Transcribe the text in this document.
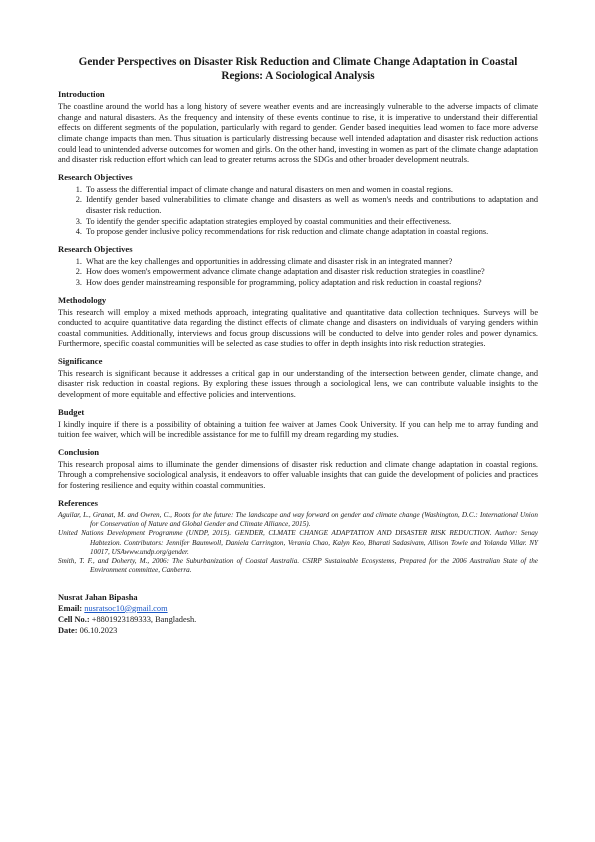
Gender Perspectives on Disaster Risk Reduction and Climate Change Adaptation in Coastal Regions: A Sociological Analysis
Introduction

The coastline around the world has a long history of severe weather events and are increasingly vulnerable to the adverse impacts of climate change and natural disasters. As the frequency and intensity of these events continue to rise, it is imperative to understand their differential effects on different segments of the population, particularly with regard to gender. Gender based inequities lead women to face more adverse climate change impacts than men. Thus situation is particularly distressing because well intended adaptation and disaster risk reduction actions could lead to unintended adverse outcomes for women and girls. On the other hand, investing in women as part of the climate change adaptation and disaster risk reduction effort which can lead to greater returns across the SDGs and other broader development neutrals.

Research Objectives
1. To assess the differential impact of climate change and natural disasters on men and women in coastal regions.
2. Identify gender based vulnerabilities to climate change and disasters as well as women's needs and contributions to adaptation and disaster risk reduction.
3. To identify the gender specific adaptation strategies employed by coastal communities and their effectiveness.
4. To propose gender inclusive policy recommendations for risk reduction and climate change adaptation in coastal regions.
Research Objectives
1. What are the key challenges and opportunities in addressing climate and disaster risk in an integrated manner?
2. How does women's empowerment advance climate change adaptation and disaster risk reduction strategies in coastline?
3. How does gender mainstreaming responsible for programming, policy adaptation and risk reduction in coastal regions?
Methodology

This research will employ a mixed methods approach, integrating qualitative and quantitative data collection techniques. Surveys will be conducted to acquire quantitative data regarding the distinct effects of climate change and disasters on individuals of varying genders within coastal communities. Additionally, interviews and focus group discussions will be conducted to delve into gender roles and power dynamics. Furthermore, specific coastal communities will be selected as case studies to offer in depth insights into risk reduction strategies.

Significance

This research is significant because it addresses a critical gap in our understanding of the intersection between gender, climate change, and disaster risk reduction in coastal regions. By exploring these issues through a sociological lens, we can contribute valuable insights to the development of more equitable and effective policies and interventions.

Budget

I kindly inquire if there is a possibility of obtaining a tuition fee waiver at James Cook University. If you can help me to array funding and tuition fee waiver, which will be incredible assistance for me to fulfill my dream regarding my studies.

Conclusion

This research proposal aims to illuminate the gender dimensions of disaster risk reduction and climate change adaptation in coastal regions. Through a comprehensive sociological analysis, it endeavors to offer valuable insights that can guide the development of policies and practices for fostering resilience and equity within coastal communities.

References

Aguilar, L., Granat, M. and Owren, C., Roots for the future: The landscape and way forward on gender and climate change (Washington, D.C.: International Union for Conservation of Nature and Global Gender and Climate Alliance, 2015).

United Nations Development Programme (UNDP, 2015). GENDER, CLMATE CHANGE ADAPTATION AND DISASTER RISK REDUCTION. Author: Senay Habtezion. Contributors: Jennifer Baumwoll, Daniela Carrington, Verania Chao, Kalyn Keo, Bharati Sadasivam, Allison Towle and Yolanda Villar. NY 10017, USAwww.undp.org/gender.

Smith, T. F., and Doherty, M., 2006: The Suburbanization of Coastal Australia. CSIRP Sustainable Ecosystems, Prepared for the 2006 Australian State of the Environment committee, Canberra.

Nusrat Jahan Bipasha
Email: nusratsoc10@gmail.com
Cell No.: +8801923189333, Bangladesh.
Date: 06.10.2023
